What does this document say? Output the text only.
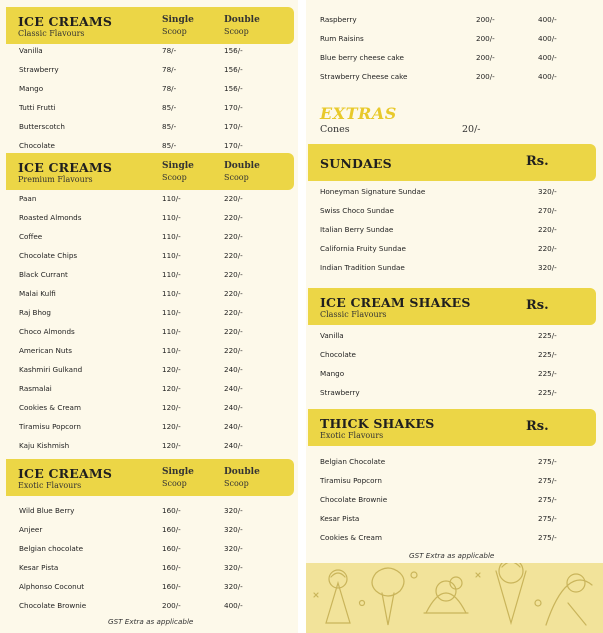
ICE CREAMS
Classic Flavours
Single
Scoop
Double
Scoop
Vanilla	78/-	156/-
Strawberry	78/-	156/-
Mango	78/-	156/-
Tutti Frutti	85/-	170/-
Butterscotch	85/-	170/-
Chocolate	85/-	170/-
ICE CREAMS
Premium Flavours
Single
Scoop
Double
Scoop
Paan	110/-	220/-
Roasted Almonds	110/-	220/-
Coffee	110/-	220/-
Chocolate Chips	110/-	220/-
Black Currant	110/-	220/-
Malai Kulfi	110/-	220/-
Raj Bhog	110/-	220/-
Choco Almonds	110/-	220/-
American Nuts	110/-	220/-
Kashmiri Gulkand	120/-	240/-
Rasmalai	120/-	240/-
Cookies & Cream	120/-	240/-
Tiramisu Popcorn	120/-	240/-
Kaju Kishmish	120/-	240/-
ICE CREAMS
Exotic Flavours
Single
Scoop
Double
Scoop
Wild Blue Berry	160/-	320/-
Anjeer	160/-	320/-
Belgian chocolate	160/-	320/-
Kesar Pista	160/-	320/-
Alphonso Coconut	160/-	320/-
Chocolate Brownie	200/-	400/-
GST Extra as applicable
Raspberry	200/-	400/-
Rum Raisins	200/-	400/-
Blue berry cheese cake	200/-	400/-
Strawberry Cheese cake	200/-	400/-
EXTRAS
Cones	20/-
SUNDAES	Rs.
Honeyman Signature Sundae	320/-
Swiss Choco Sundae	270/-
Italian Berry Sundae	220/-
California Fruity Sundae	220/-
Indian Tradition Sundae	320/-
ICE CREAM SHAKES
Classic Flavours
Rs.
Vanilla	225/-
Chocolate	225/-
Mango	225/-
Strawberry	225/-
THICK SHAKES
Exotic Flavours
Rs.
Belgian Chocolate	275/-
Tiramisu Popcorn	275/-
Chocolate Brownie	275/-
Kesar Pista	275/-
Cookies & Cream	275/-
GST Extra as applicable
